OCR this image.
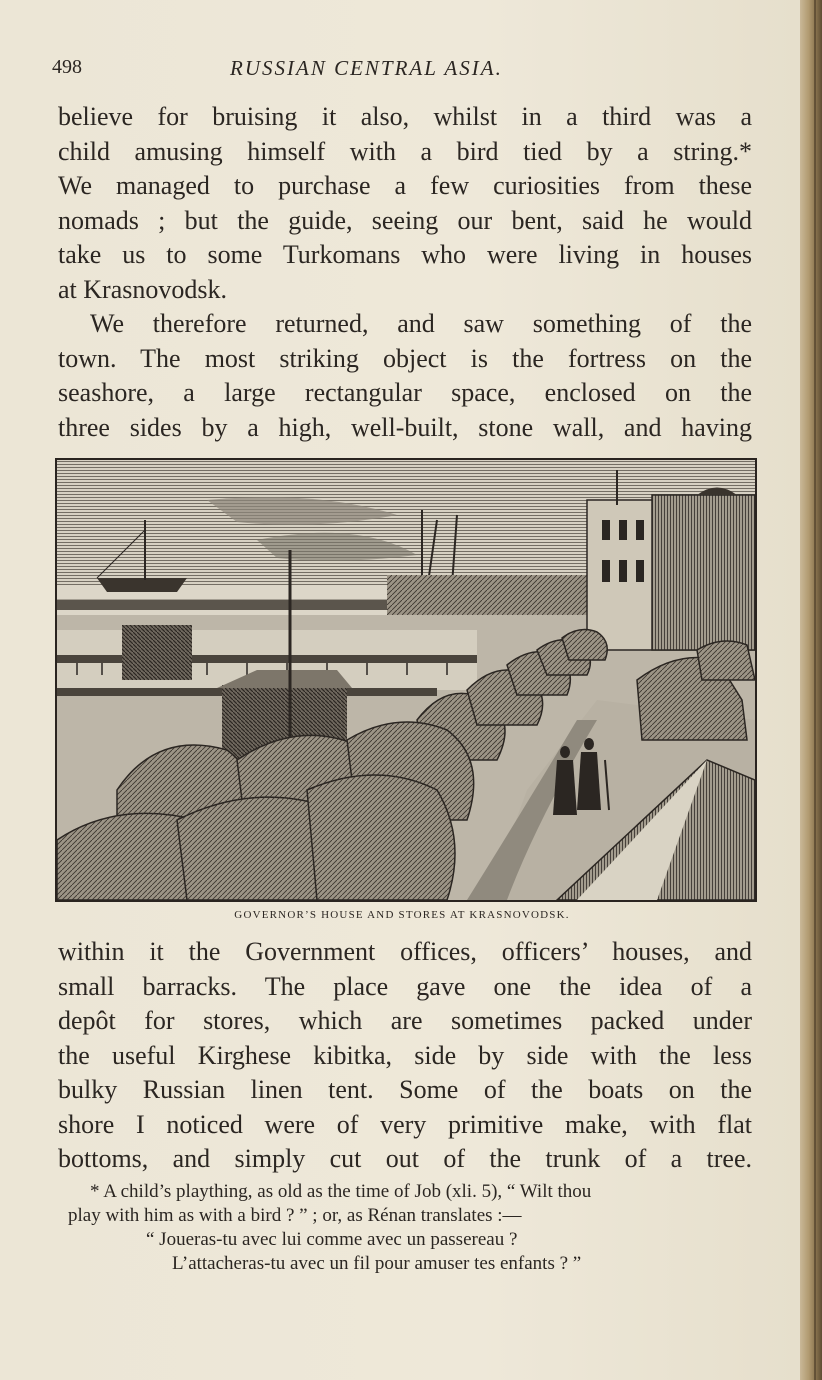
498	RUSSIAN CENTRAL ASIA.
believe for bruising it also, whilst in a third was a
child amusing himself with a bird tied by a string.*
We managed to purchase a few curiosities from these
nomads ; but the guide, seeing our bent, said he would
take us to some Turkomans who were living in houses
at Krasnovodsk.
We therefore returned, and saw something of the
town. The most striking object is the fortress on the
seashore, a large rectangular space, enclosed on the
three sides by a high, well-built, stone wall, and having
GOVERNOR’S HOUSE AND STORES AT KRASNOVODSK.
within it the Government offices, officers’ houses, and
small barracks. The place gave one the idea of a
depôt for stores, which are sometimes packed under
the useful Kirghese kibitka, side by side with the less
bulky Russian linen tent. Some of the boats on the
shore I noticed were of very primitive make, with flat
bottoms, and simply cut out of the trunk of a tree.
* A child’s plaything, as old as the time of Job (xli. 5), “ Wilt thou
play with him as with a bird ? ” ; or, as Rénan translates :—
“ Joueras-tu avec lui comme avec un passereau ?
L’attacheras-tu avec un fil pour amuser tes enfants ? ”
